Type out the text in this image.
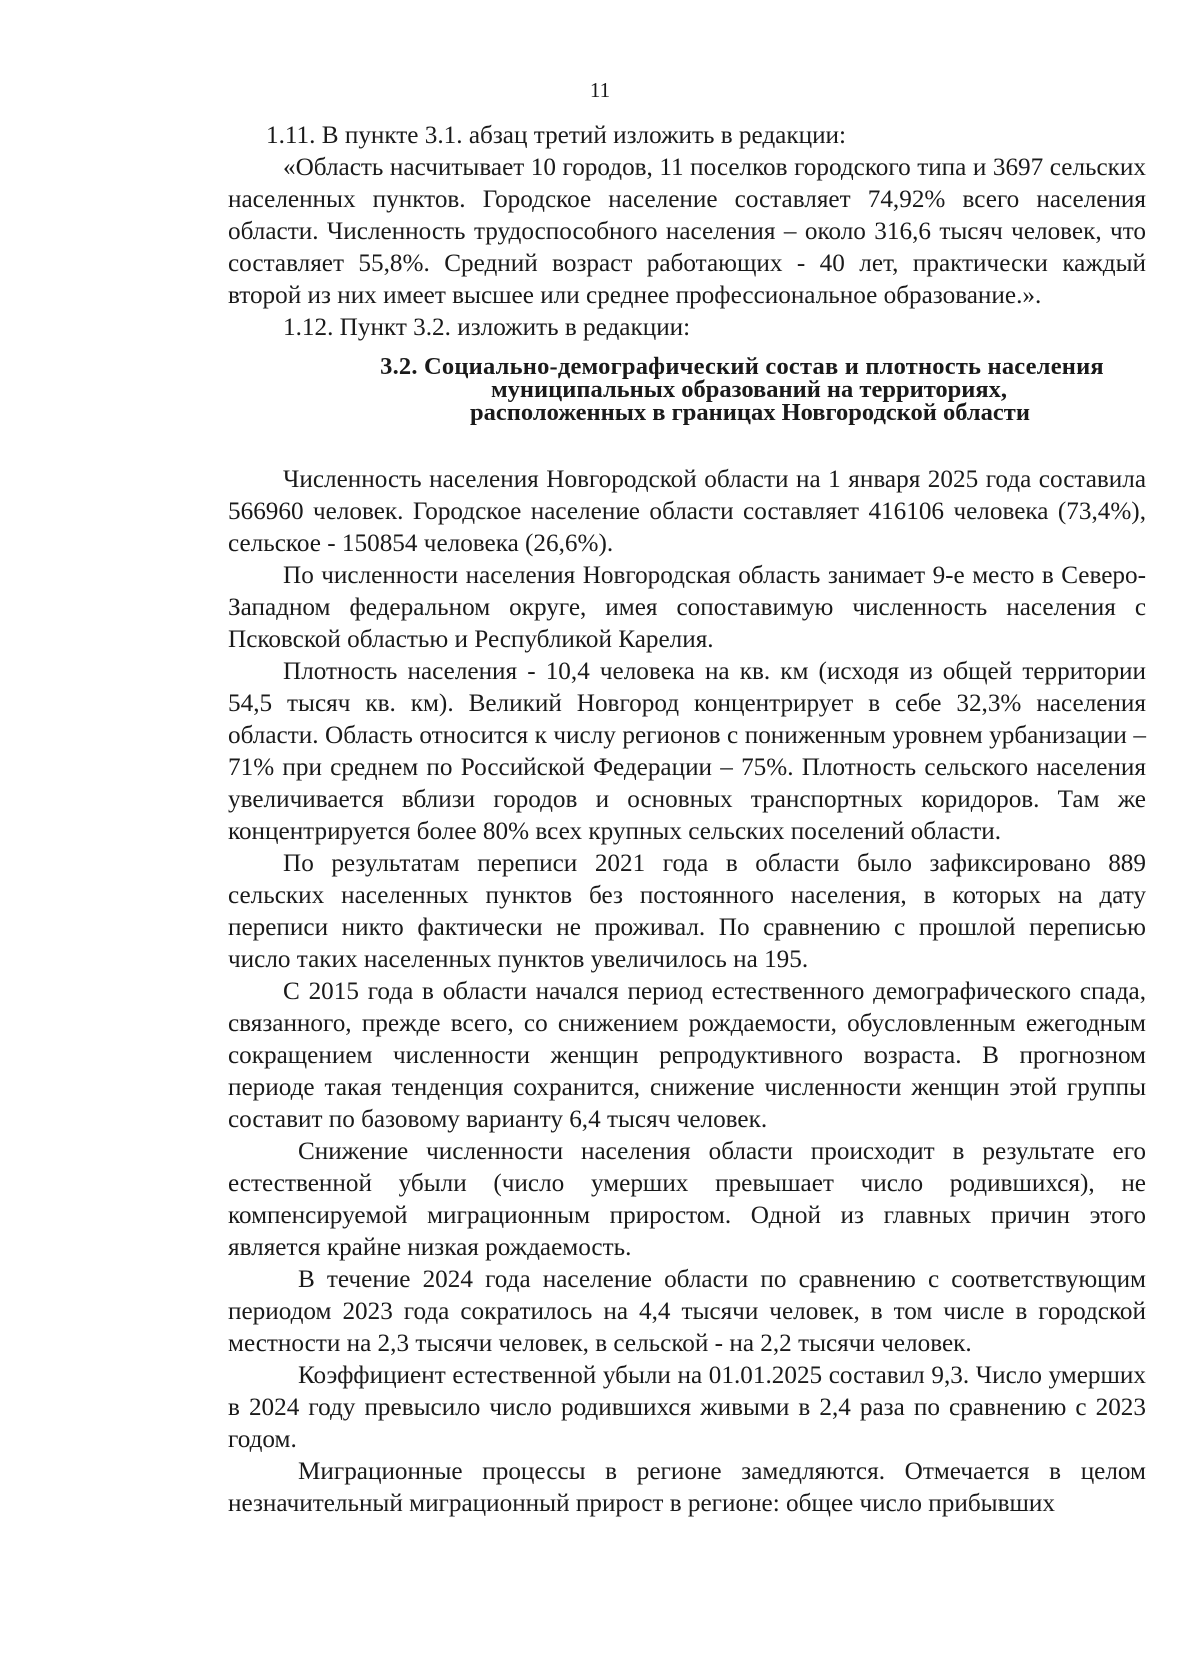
11

1.11. В пункте 3.1. абзац третий изложить в редакции:

«Область насчитывает 10 городов, 11 поселков городского типа и 3697 сельских населенных пунктов. Городское население составляет 74,92% всего населения области. Численность трудоспособного населения – около 316,6 тысяч человек, что составляет 55,8%. Средний возраст работающих - 40 лет, практически каждый второй из них имеет высшее или среднее профессиональное образование.».

1.12. Пункт 3.2. изложить в редакции:

3.2. Социально-демографический состав и плотность населения
муниципальных образований на территориях,
расположенных в границах Новгородской области

Численность населения Новгородской области на 1 января 2025 года составила 566960 человек. Городское население области составляет 416106 человека (73,4%), сельское - 150854 человека (26,6%).

По численности населения Новгородская область занимает 9-е место в Северо-Западном федеральном округе, имея сопоставимую численность населения с Псковской областью и Республикой Карелия.

Плотность населения - 10,4 человека на кв. км (исходя из общей территории 54,5 тысяч кв. км). Великий Новгород концентрирует в себе 32,3% населения области. Область относится к числу регионов с пониженным уровнем урбанизации – 71% при среднем по Российской Федерации – 75%. Плотность сельского населения увеличивается вблизи городов и основных транспортных коридоров. Там же концентрируется более 80% всех крупных сельских поселений области.

По результатам переписи 2021 года в области было зафиксировано 889 сельских населенных пунктов без постоянного населения, в которых на дату переписи никто фактически не проживал. По сравнению с прошлой переписью число таких населенных пунктов увеличилось на 195.

С 2015 года в области начался период естественного демографического спада, связанного, прежде всего, со снижением рождаемости, обусловленным ежегодным сокращением численности женщин репродуктивного возраста. В прогнозном периоде такая тенденция сохранится, снижение численности женщин этой группы составит по базовому варианту 6,4 тысяч человек.

Снижение численности населения области происходит в результате его естественной убыли (число умерших превышает число родившихся), не компенсируемой миграционным приростом. Одной из главных причин этого является крайне низкая рождаемость.

В течение 2024 года население области по сравнению с соответствующим периодом 2023 года сократилось на 4,4 тысячи человек, в том числе в городской местности на 2,3 тысячи человек, в сельской - на 2,2 тысячи человек.

Коэффициент естественной убыли на 01.01.2025 составил 9,3. Число умерших в 2024 году превысило число родившихся живыми в 2,4 раза по сравнению с 2023 годом.

Миграционные процессы в регионе замедляются. Отмечается в целом незначительный миграционный прирост в регионе: общее число прибывших
